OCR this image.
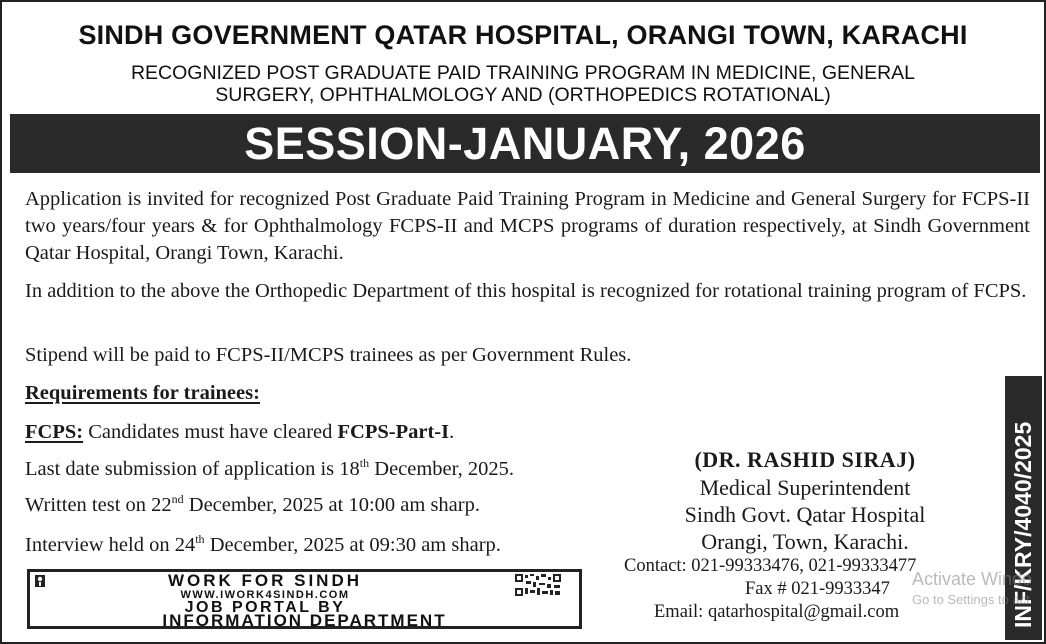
SINDH GOVERNMENT QATAR HOSPITAL, ORANGI TOWN, KARACHI
RECOGNIZED POST GRADUATE PAID TRAINING PROGRAM IN MEDICINE, GENERAL
SURGERY, OPHTHALMOLOGY AND (ORTHOPEDICS ROTATIONAL)
SESSION-JANUARY, 2026
Application is invited for recognized Post Graduate Paid Training Program in Medicine and General Surgery for FCPS-II two years/four years & for Ophthalmology FCPS-II and MCPS programs of duration respectively, at Sindh Government Qatar Hospital, Orangi Town, Karachi.
In addition to the above the Orthopedic Department of this hospital is recognized for rotational training program of FCPS.
Stipend will be paid to FCPS-II/MCPS trainees as per Government Rules.
Requirements for trainees:
FCPS: Candidates must have cleared FCPS-Part-I.
Last date submission of application is 18th December, 2025.
Written test on 22nd December, 2025 at 10:00 am sharp.
Interview held on 24th December, 2025 at 09:30 am sharp.
(DR. RASHID SIRAJ)
Medical Superintendent
Sindh Govt. Qatar Hospital
Orangi, Town, Karachi.
Contact: 021-99333476, 021-99333477
Fax # 021-9933347
Email: qatarhospital@gmail.com	INF/KRY/4040/2025
WORK FOR SINDH
WWW.IWORK4SINDH.COM
JOB PORTAL BY
INFORMATION DEPARTMENT
Activate Windo
Go to Settings to act
